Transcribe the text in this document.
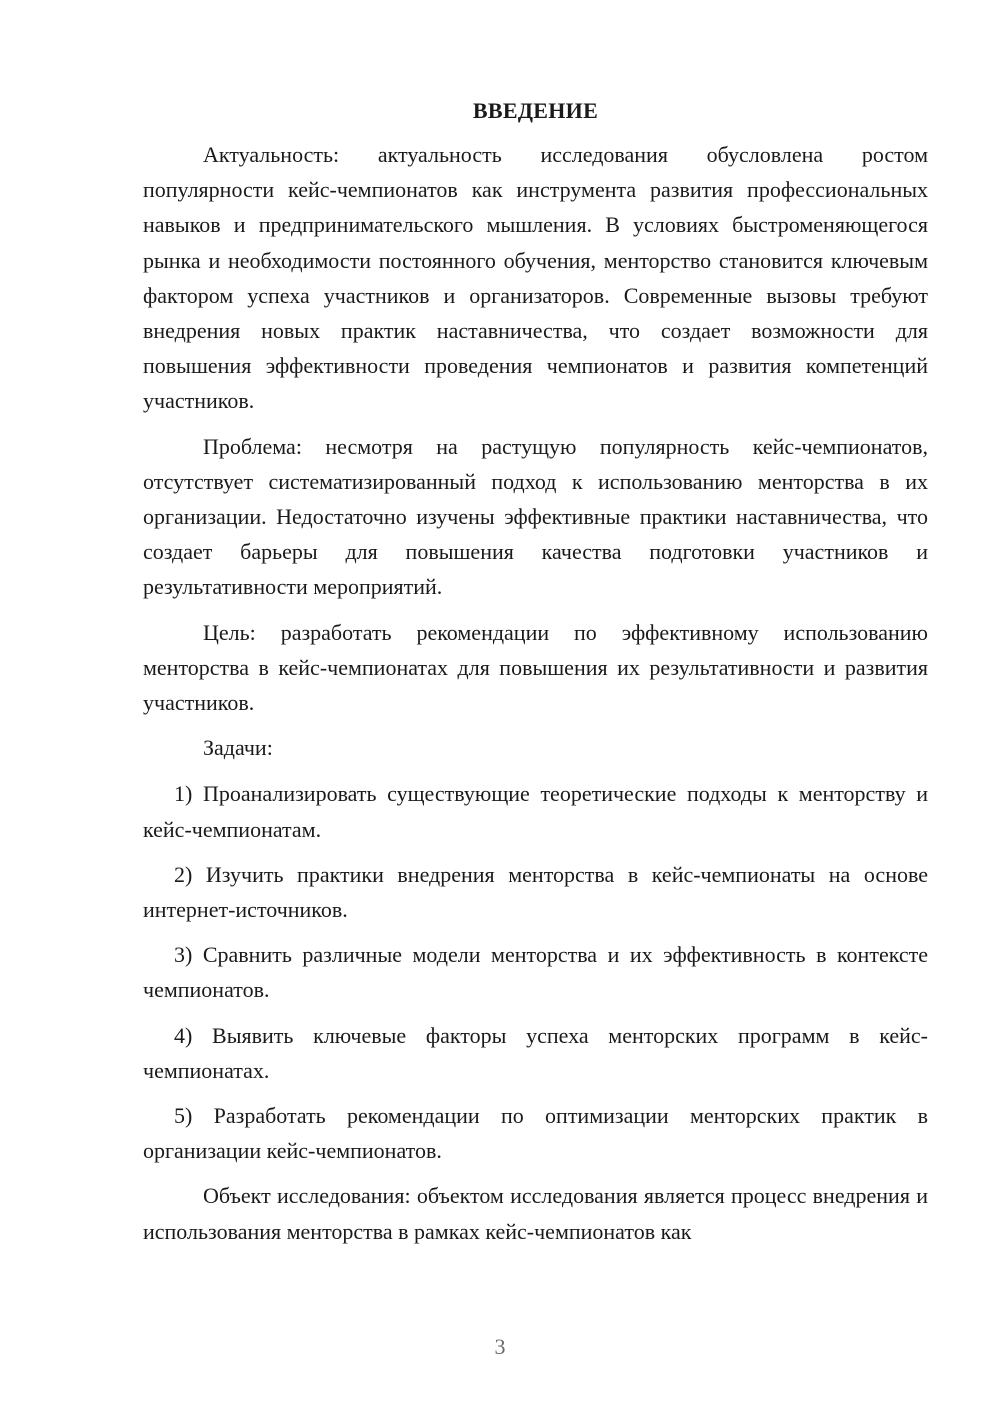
ВВЕДЕНИЕ

Актуальность: актуальность исследования обусловлена ростом популярности кейс-чемпионатов как инструмента развития профессиональных навыков и предпринимательского мышления. В условиях быстроменяющегося рынка и необходимости постоянного обучения, менторство становится ключевым фактором успеха участников и организаторов. Современные вызовы требуют внедрения новых практик наставничества, что создает возможности для повышения эффективности проведения чемпионатов и развития компетенций участников.

Проблема: несмотря на растущую популярность кейс-чемпионатов, отсутствует систематизированный подход к использованию менторства в их организации. Недостаточно изучены эффективные практики наставничества, что создает барьеры для повышения качества подготовки участников и результативности мероприятий.

Цель: разработать рекомендации по эффективному использованию менторства в кейс-чемпионатах для повышения их результативности и развития участников.

Задачи:

1) Проанализировать существующие теоретические подходы к менторству и кейс-чемпионатам.

2) Изучить практики внедрения менторства в кейс-чемпионаты на основе интернет-источников.

3) Сравнить различные модели менторства и их эффективность в контексте чемпионатов.

4) Выявить ключевые факторы успеха менторских программ в кейс-чемпионатах.

5) Разработать рекомендации по оптимизации менторских практик в организации кейс-чемпионатов.

Объект исследования: объектом исследования является процесс внедрения и использования менторства в рамках кейс-чемпионатов как

3
